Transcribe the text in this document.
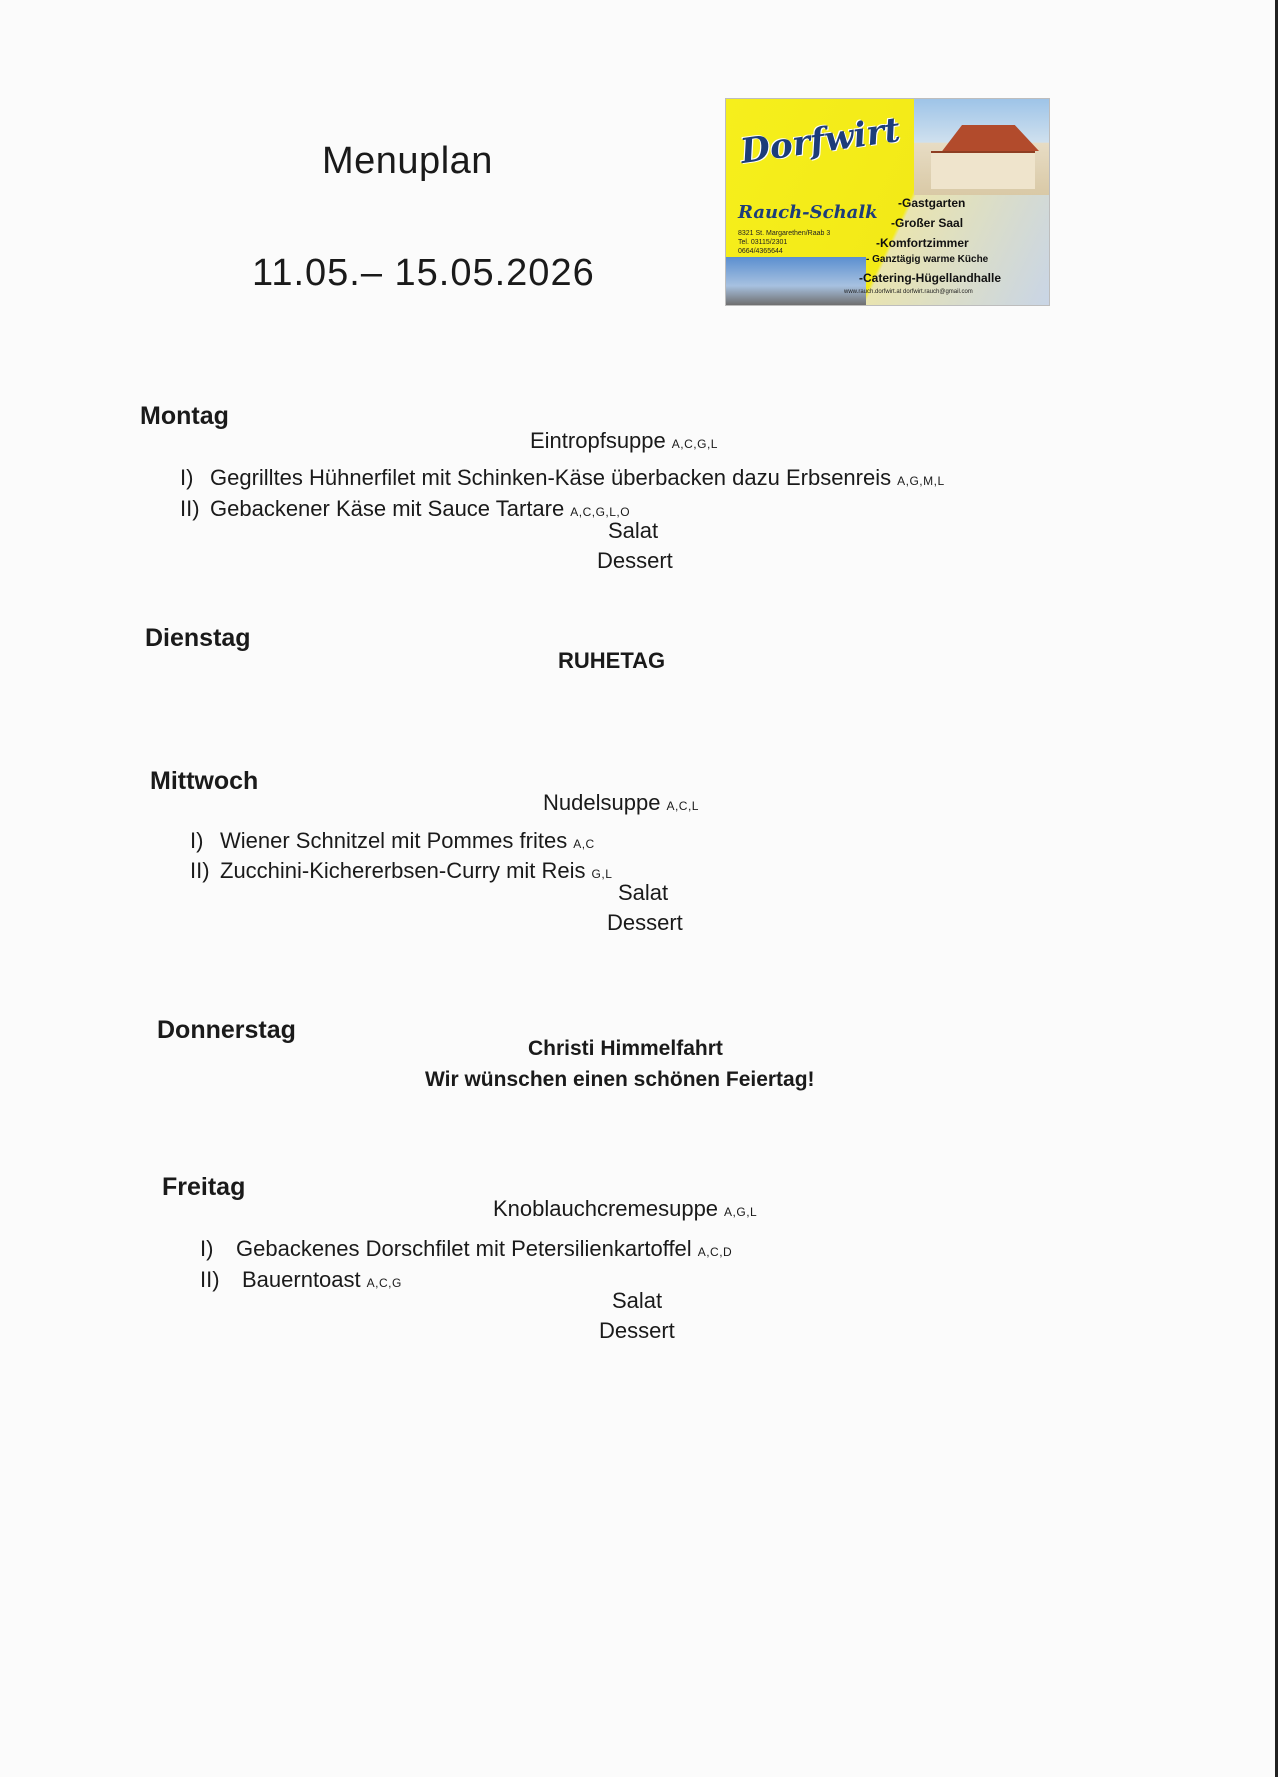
Menuplan
11.05.– 15.05.2026
Dorfwirt
Rauch-Schalk
8321 St. Margarethen/Raab 3
Tel. 03115/2301
0664/4365644
-Gastgarten
-Großer Saal
-Komfortzimmer
- Ganztägig warme Küche
-Catering-Hügellandhalle
www.rauch.dorfwirt.at dorfwirt.rauch@gmail.com
Montag
Eintropfsuppe A,C,G,L
I) Gegrilltes Hühnerfilet mit Schinken-Käse überbacken dazu Erbsenreis A,G,M,L
II) Gebackener Käse mit Sauce Tartare A,C,G,L,O
Salat
Dessert
Dienstag
RUHETAG
Mittwoch
Nudelsuppe A,C,L
I) Wiener Schnitzel mit Pommes frites A,C
II) Zucchini-Kichererbsen-Curry mit Reis G,L
Salat
Dessert
Donnerstag
Christi Himmelfahrt
Wir wünschen einen schönen Feiertag!
Freitag
Knoblauchcremesuppe A,G,L
I) Gebackenes Dorschfilet mit Petersilienkartoffel A,C,D
II) Bauerntoast A,C,G
Salat
Dessert
